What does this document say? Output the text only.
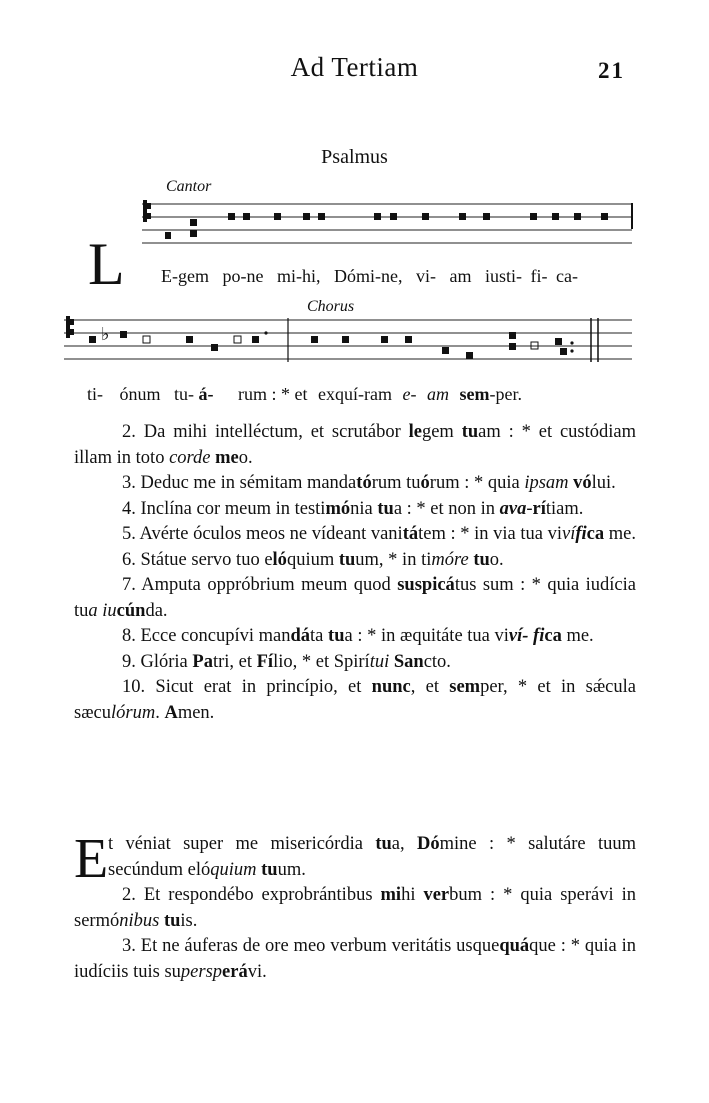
Ad Tertiam	21
Psalmus
Cantor
L
♭
E-gem po-ne mi-hi, Dómi-ne, vi- am iusti- fi- ca-
Chorus
ti- ónum tu- á- rum : * et exquí-ram e- am sem-per.

2. Da mihi intelléctum, et scrutábor legem tuam : * et custódiam illam in toto corde meo.

3. Deduc me in sémitam mandatórum tuórum : * quia ipsam vólui.

4. Inclína cor meum in testimónia tua : * et non in ava-rítiam.

5. Avérte óculos meos ne vídeant vanitátem : * in via tua vivífica me.

6. Státue servo tuo elóquium tuum, * in timóre tuo.

7. Amputa oppróbrium meum quod suspicátus sum : * quia iudícia tua iucúnda.

8. Ecce concupívi mandáta tua : * in æquitáte tua viví- fica me.

9. Glória Patri, et Fílio, * et Spirítui Sancto.

10. Sicut erat in princípio, et nunc, et semper, * et in sǽcula sæculórum. Amen.

E t véniat super me misericórdia tua, Dómine : * salutáre tuum secúndum elóquium tuum.

2. Et respondébo exprobrántibus mihi verbum : * quia sperávi in sermónibus tuis.

3. Et ne áuferas de ore meo verbum veritátis usquequáque : * quia in iudíciis tuis supersperávi.
